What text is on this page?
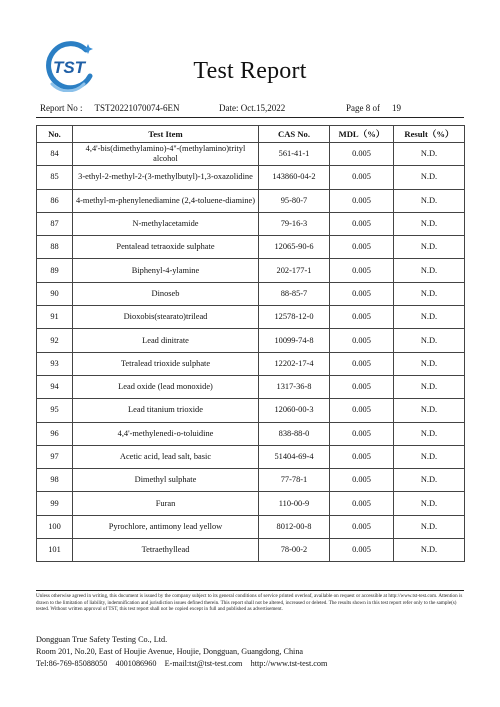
TST	Test Report
Report No : TST20221070074-6EN	Date: Oct.15,2022	Page 8 of 19
No.	Test Item	CAS No.	MDL（%）	Result（%）
84	4,4'-bis(dimethylamino)-4''-(methylamino)trityl alcohol	561-41-1	0.005	N.D.
85	3-ethyl-2-methyl-2-(3-methylbutyl)-1,3-oxazolidine	143860-04-2	0.005	N.D.
86	4-methyl-m-phenylenediamine (2,4-toluene-diamine)	95-80-7	0.005	N.D.
87	N-methylacetamide	79-16-3	0.005	N.D.
88	Pentalead tetraoxide sulphate	12065-90-6	0.005	N.D.
89	Biphenyl-4-ylamine	202-177-1	0.005	N.D.
90	Dinoseb	88-85-7	0.005	N.D.
91	Dioxobis(stearato)trilead	12578-12-0	0.005	N.D.
92	Lead dinitrate	10099-74-8	0.005	N.D.
93	Tetralead trioxide sulphate	12202-17-4	0.005	N.D.
94	Lead oxide (lead monoxide)	1317-36-8	0.005	N.D.
95	Lead titanium trioxide	12060-00-3	0.005	N.D.
96	4,4'-methylenedi-o-toluidine	838-88-0	0.005	N.D.
97	Acetic acid, lead salt, basic	51404-69-4	0.005	N.D.
98	Dimethyl sulphate	77-78-1	0.005	N.D.
99	Furan	110-00-9	0.005	N.D.
100	Pyrochlore, antimony lead yellow	8012-00-8	0.005	N.D.
101	Tetraethyllead	78-00-2	0.005	N.D.
Unless otherwise agreed in writing, this document is issued by the company subject to its general conditions of service printed overleaf, available on request or accessible at http://www.tst-test.com. Attention is drawn to the limitation of liability, indemnification and jurisdiction issues defined therein. This report shall not be altered, increased or deleted. The results shown in this test report refer only to the sample(s) tested. Without written approval of TST, this test report shall not be copied except in full and published as advertisement.
Dongguan True Safety Testing Co., Ltd.
Room 201, No.20, East of Houjie Avenue, Houjie, Dongguan, Guangdong, China
Tel:86-769-85088050 4001086960 E-mail:tst@tst-test.com http://www.tst-test.com
